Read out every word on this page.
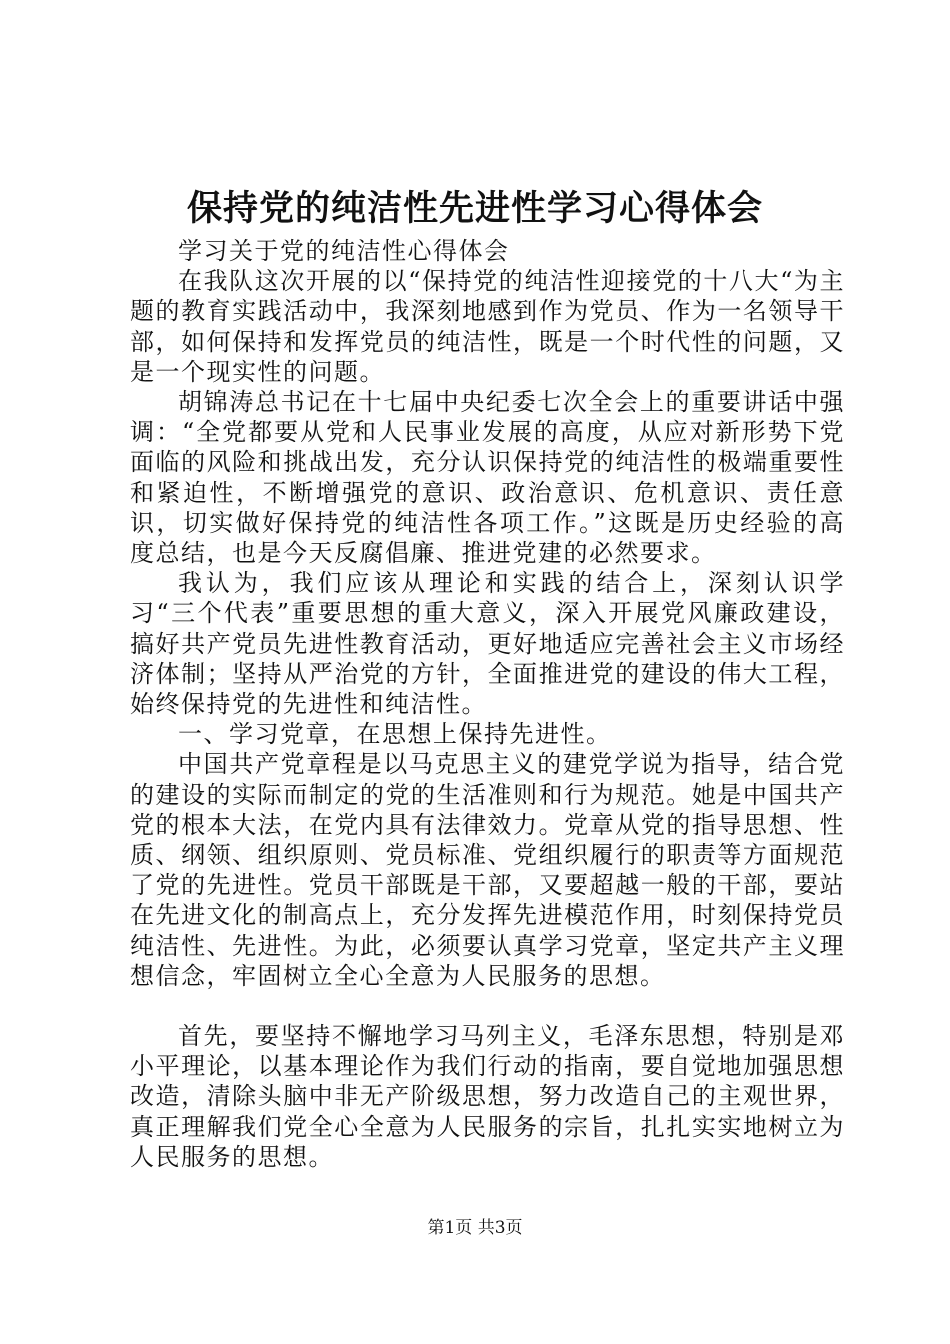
保持党的纯洁性先进性学习心得体会

学习关于党的纯洁性心得体会

在我队这次开展的以“保持党的纯洁性迎接党的十八大“为主题的教育实践活动中，我深刻地感到作为党员、作为一名领导干部，如何保持和发挥党员的纯洁性，既是一个时代性的问题，又是一个现实性的问题。

胡锦涛总书记在十七届中央纪委七次全会上的重要讲话中强调：“全党都要从党和人民事业发展的高度，从应对新形势下党面临的风险和挑战出发，充分认识保持党的纯洁性的极端重要性和紧迫性，不断增强党的意识、政治意识、危机意识、责任意识，切实做好保持党的纯洁性各项工作。”这既是历史经验的高度总结，也是今天反腐倡廉、推进党建的必然要求。

我认为，我们应该从理论和实践的结合上，深刻认识学习“三个代表”重要思想的重大意义，深入开展党风廉政建设，搞好共产党员先进性教育活动，更好地适应完善社会主义市场经济体制；坚持从严治党的方针，全面推进党的建设的伟大工程，始终保持党的先进性和纯洁性。

一、学习党章，在思想上保持先进性。

中国共产党章程是以马克思主义的建党学说为指导，结合党的建设的实际而制定的党的生活准则和行为规范。她是中国共产党的根本大法，在党内具有法律效力。党章从党的指导思想、性质、纲领、组织原则、党员标准、党组织履行的职责等方面规范了党的先进性。党员干部既是干部，又要超越一般的干部，要站在先进文化的制高点上，充分发挥先进模范作用，时刻保持党员纯洁性、先进性。为此，必须要认真学习党章，坚定共产主义理想信念，牢固树立全心全意为人民服务的思想。

首先，要坚持不懈地学习马列主义，毛泽东思想，特别是邓小平理论，以基本理论作为我们行动的指南，要自觉地加强思想改造，清除头脑中非无产阶级思想，努力改造自己的主观世界，真正理解我们党全心全意为人民服务的宗旨，扎扎实实地树立为人民服务的思想。

第1页 共3页
